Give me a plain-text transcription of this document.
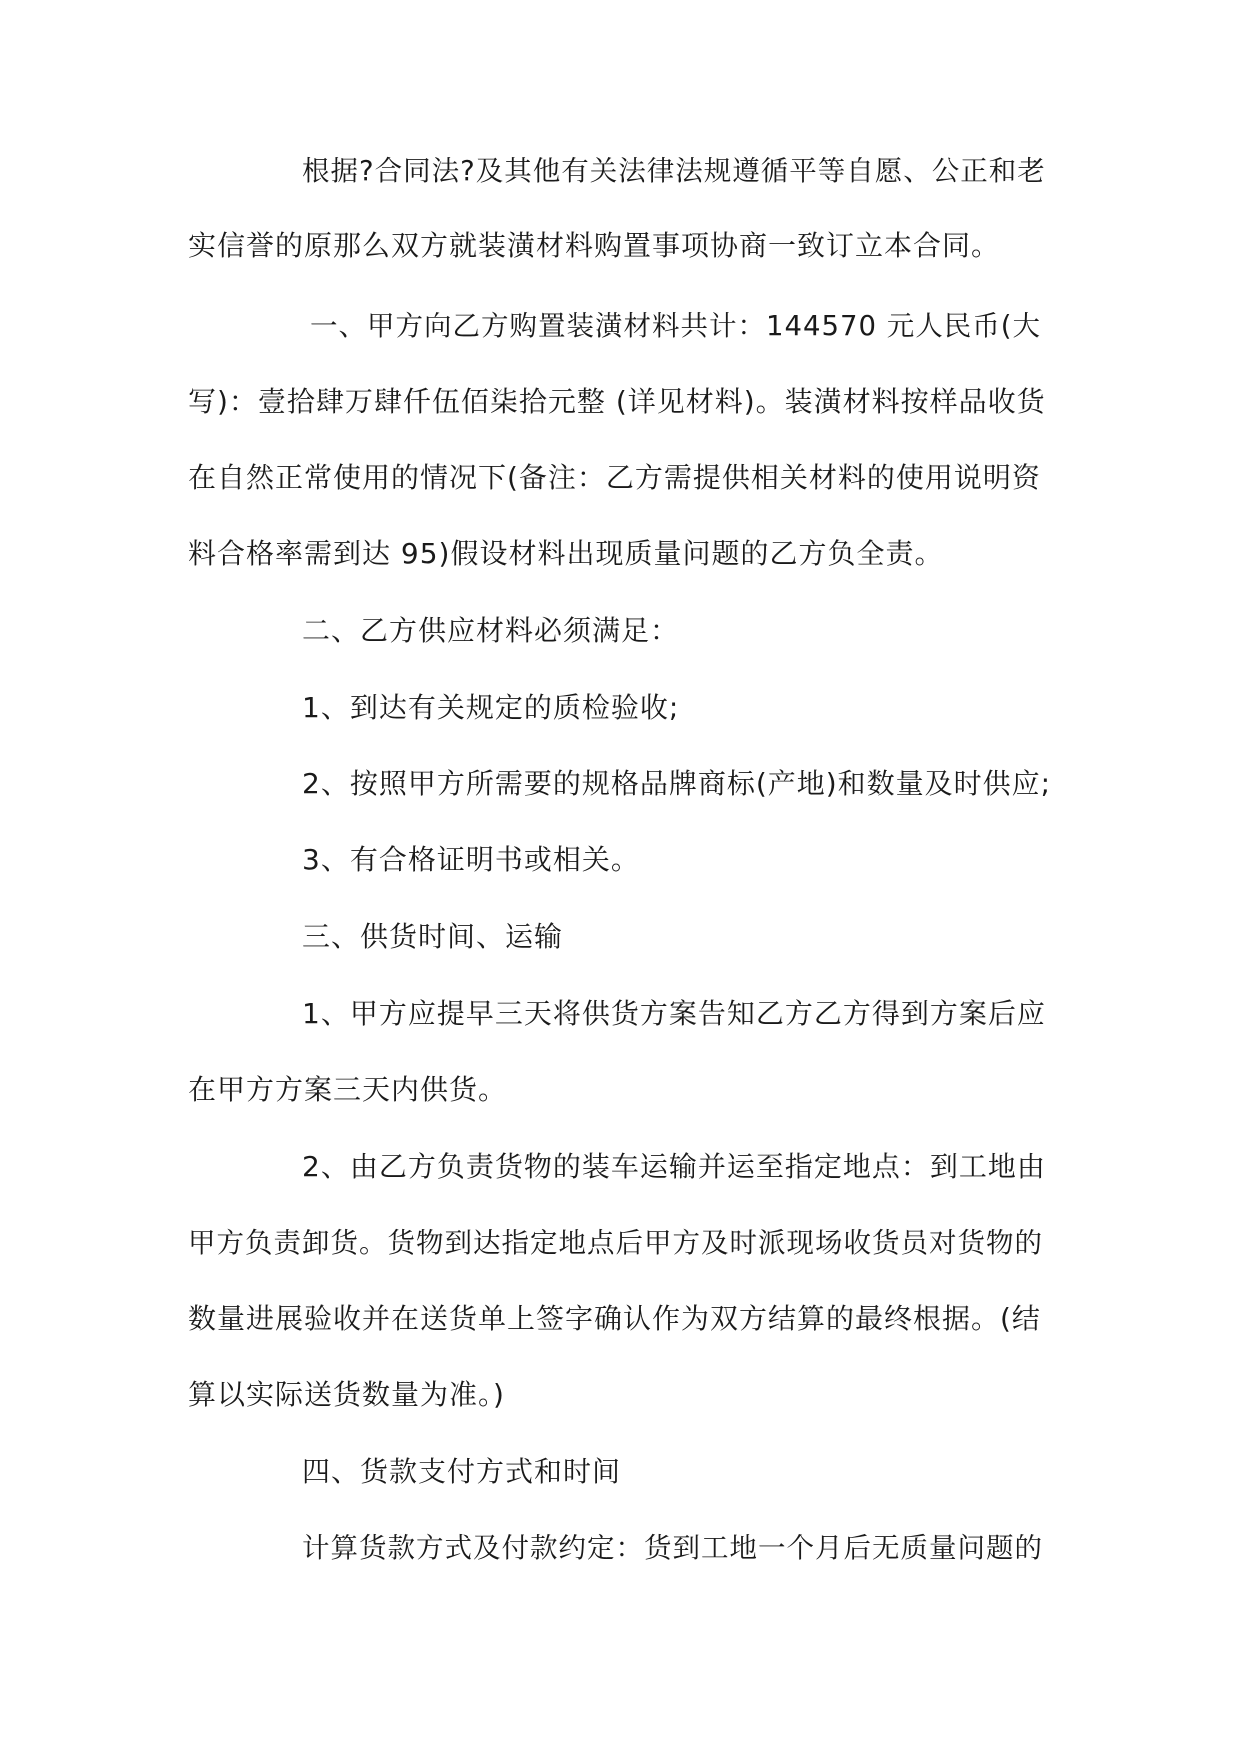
根据?合同法?及其他有关法律法规遵循平等自愿、公正和老
实信誉的原那么双方就装潢材料购置事项协商一致订立本合同。
一、甲方向乙方购置装潢材料共计：144570 元人民币(大
写)：壹拾肆万肆仟伍佰柒拾元整 (详见材料)。装潢材料按样品收货
在自然正常使用的情况下(备注：乙方需提供相关材料的使用说明资
料合格率需到达 95)假设材料出现质量问题的乙方负全责。
二、乙方供应材料必须满足：
1、到达有关规定的质检验收;
2、按照甲方所需要的规格品牌商标(产地)和数量及时供应;
3、有合格证明书或相关。
三、供货时间、运输
1、甲方应提早三天将供货方案告知乙方乙方得到方案后应
在甲方方案三天内供货。
2、由乙方负责货物的装车运输并运至指定地点：到工地由
甲方负责卸货。货物到达指定地点后甲方及时派现场收货员对货物的
数量进展验收并在送货单上签字确认作为双方结算的最终根据。(结
算以实际送货数量为准。)
四、货款支付方式和时间
计算货款方式及付款约定：货到工地一个月后无质量问题的
